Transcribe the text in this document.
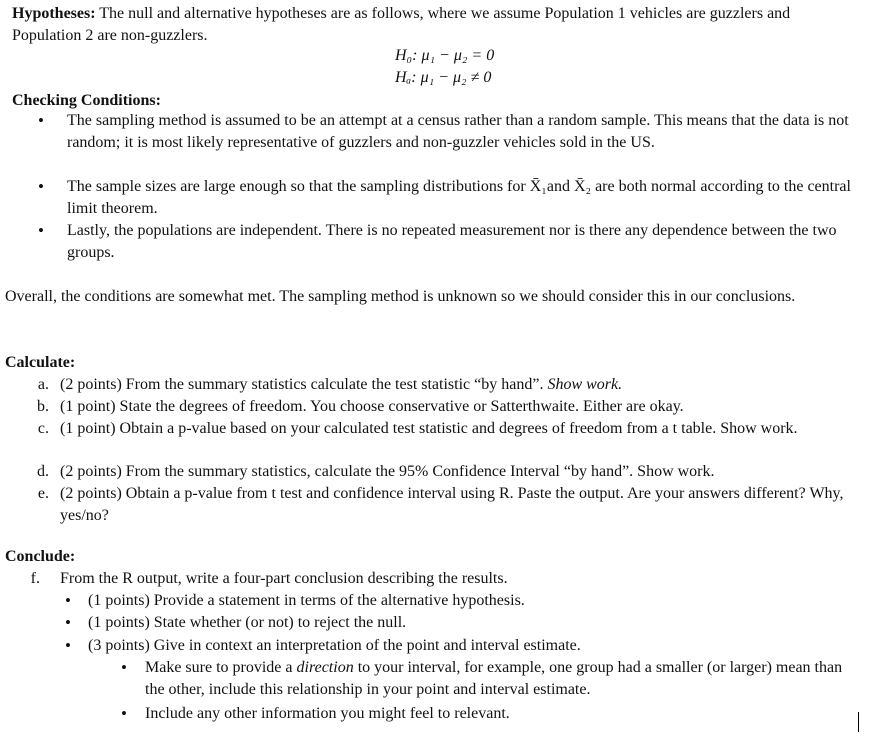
Hypotheses: The null and alternative hypotheses are as follows, where we assume Population 1 vehicles are guzzlers and Population 2 are non-guzzlers.

H₀: μ₁ − μ₂ = 0
Hₐ: μ₁ − μ₂ ≠ 0
Checking Conditions:
•
The sampling method is assumed to be an attempt at a census rather than a random sample. This means that the data is not random; it is most likely representative of guzzlers and non-guzzler vehicles sold in the US.
•
The sample sizes are large enough so that the sampling distributions for X̄₁and X̄₂ are both normal according to the central limit theorem.
•
Lastly, the populations are independent. There is no repeated measurement nor is there any dependence between the two groups.
Overall, the conditions are somewhat met. The sampling method is unknown so we should consider this in our conclusions.
Calculate:
a. (2 points) From the summary statistics calculate the test statistic “by hand”. Show work.
b. (1 point) State the degrees of freedom. You choose conservative or Satterthwaite. Either are okay.
c. (1 point) Obtain a p-value based on your calculated test statistic and degrees of freedom from a t table. Show work.
d. (2 points) From the summary statistics, calculate the 95% Confidence Interval “by hand”. Show work.
e. (2 points) Obtain a p-value from t test and confidence interval using R. Paste the output. Are your answers different? Why, yes/no?
Conclude:
f. From the R output, write a four-part conclusion describing the results.
•
(1 points) Provide a statement in terms of the alternative hypothesis.
•
(1 points) State whether (or not) to reject the null.
•
(3 points) Give in context an interpretation of the point and interval estimate.
•
Make sure to provide a direction to your interval, for example, one group had a smaller (or larger) mean than the other, include this relationship in your point and interval estimate.
•
Include any other information you might feel to relevant.
